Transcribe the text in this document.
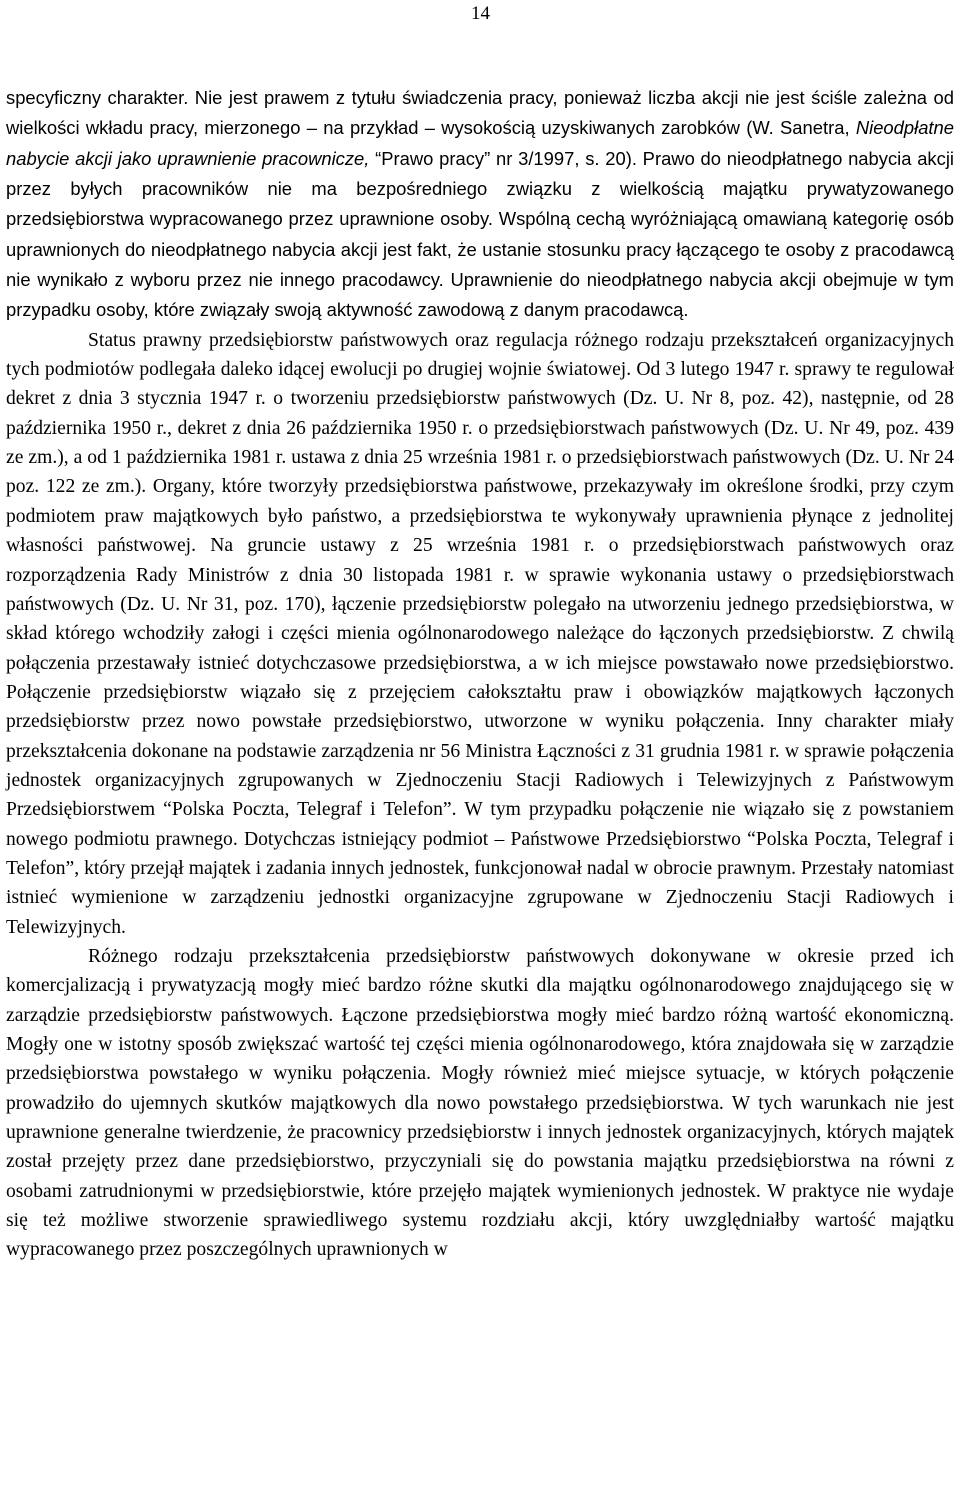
14

specyficzny charakter. Nie jest prawem z tytułu świadczenia pracy, ponieważ liczba akcji nie jest ściśle zależna od wielkości wkładu pracy, mierzonego – na przykład – wysokością uzyskiwanych zarobków (W. Sanetra, Nieodpłatne nabycie akcji jako uprawnienie pracownicze, “Prawo pracy” nr 3/1997, s. 20). Prawo do nieodpłatnego nabycia akcji przez byłych pracowników nie ma bezpośredniego związku z wielkością majątku prywatyzowanego przedsiębiorstwa wypracowanego przez uprawnione osoby. Wspólną cechą wyróżniającą omawianą kategorię osób uprawnionych do nieodpłatnego nabycia akcji jest fakt, że ustanie stosunku pracy łączącego te osoby z pracodawcą nie wynikało z wyboru przez nie innego pracodawcy. Uprawnienie do nieodpłatnego nabycia akcji obejmuje w tym przypadku osoby, które związały swoją aktywność zawodową z danym pracodawcą.

Status prawny przedsiębiorstw państwowych oraz regulacja różnego rodzaju przekształceń organizacyjnych tych podmiotów podlegała daleko idącej ewolucji po drugiej wojnie światowej. Od 3 lutego 1947 r. sprawy te regulował dekret z dnia 3 stycznia 1947 r. o tworzeniu przedsiębiorstw państwowych (Dz. U. Nr 8, poz. 42), następnie, od 28 października 1950 r., dekret z dnia 26 października 1950 r. o przedsiębiorstwach państwowych (Dz. U. Nr 49, poz. 439 ze zm.), a od 1 października 1981 r. ustawa z dnia 25 września 1981 r. o przedsiębiorstwach państwowych (Dz. U. Nr 24 poz. 122 ze zm.). Organy, które tworzyły przedsiębiorstwa państwowe, przekazywały im określone środki, przy czym podmiotem praw majątkowych było państwo, a przedsiębiorstwa te wykonywały uprawnienia płynące z jednolitej własności państwowej. Na gruncie ustawy z 25 września 1981 r. o przedsiębiorstwach państwowych oraz rozporządzenia Rady Ministrów z dnia 30 listopada 1981 r. w sprawie wykonania ustawy o przedsiębiorstwach państwowych (Dz. U. Nr 31, poz. 170), łączenie przedsiębiorstw polegało na utworzeniu jednego przedsiębiorstwa, w skład którego wchodziły załogi i części mienia ogólnonarodowego należące do łączonych przedsiębiorstw. Z chwilą połączenia przestawały istnieć dotychczasowe przedsiębiorstwa, a w ich miejsce powstawało nowe przedsiębiorstwo. Połączenie przedsiębiorstw wiązało się z przejęciem całokształtu praw i obowiązków majątkowych łączonych przedsiębiorstw przez nowo powstałe przedsiębiorstwo, utworzone w wyniku połączenia. Inny charakter miały przekształcenia dokonane na podstawie zarządzenia nr 56 Ministra Łączności z 31 grudnia 1981 r. w sprawie połączenia jednostek organizacyjnych zgrupowanych w Zjednoczeniu Stacji Radiowych i Telewizyjnych z Państwowym Przedsiębiorstwem “Polska Poczta, Telegraf i Telefon”. W tym przypadku połączenie nie wiązało się z powstaniem nowego podmiotu prawnego. Dotychczas istniejący podmiot – Państwowe Przedsiębiorstwo “Polska Poczta, Telegraf i Telefon”, który przejął majątek i zadania innych jednostek, funkcjonował nadal w obrocie prawnym. Przestały natomiast istnieć wymienione w zarządzeniu jednostki organizacyjne zgrupowane w Zjednoczeniu Stacji Radiowych i Telewizyjnych.

Różnego rodzaju przekształcenia przedsiębiorstw państwowych dokonywane w okresie przed ich komercjalizacją i prywatyzacją mogły mieć bardzo różne skutki dla majątku ogólnonarodowego znajdującego się w zarządzie przedsiębiorstw państwowych. Łączone przedsiębiorstwa mogły mieć bardzo różną wartość ekonomiczną. Mogły one w istotny sposób zwiększać wartość tej części mienia ogólnonarodowego, która znajdowała się w zarządzie przedsiębiorstwa powstałego w wyniku połączenia. Mogły również mieć miejsce sytuacje, w których połączenie prowadziło do ujemnych skutków majątkowych dla nowo powstałego przedsiębiorstwa. W tych warunkach nie jest uprawnione generalne twierdzenie, że pracownicy przedsiębiorstw i innych jednostek organizacyjnych, których majątek został przejęty przez dane przedsiębiorstwo, przyczyniali się do powstania majątku przedsiębiorstwa na równi z osobami zatrudnionymi w przedsiębiorstwie, które przejęło majątek wymienionych jednostek. W praktyce nie wydaje się też możliwe stworzenie sprawiedliwego systemu rozdziału akcji, który uwzględniałby wartość majątku wypracowanego przez poszczególnych uprawnionych w
